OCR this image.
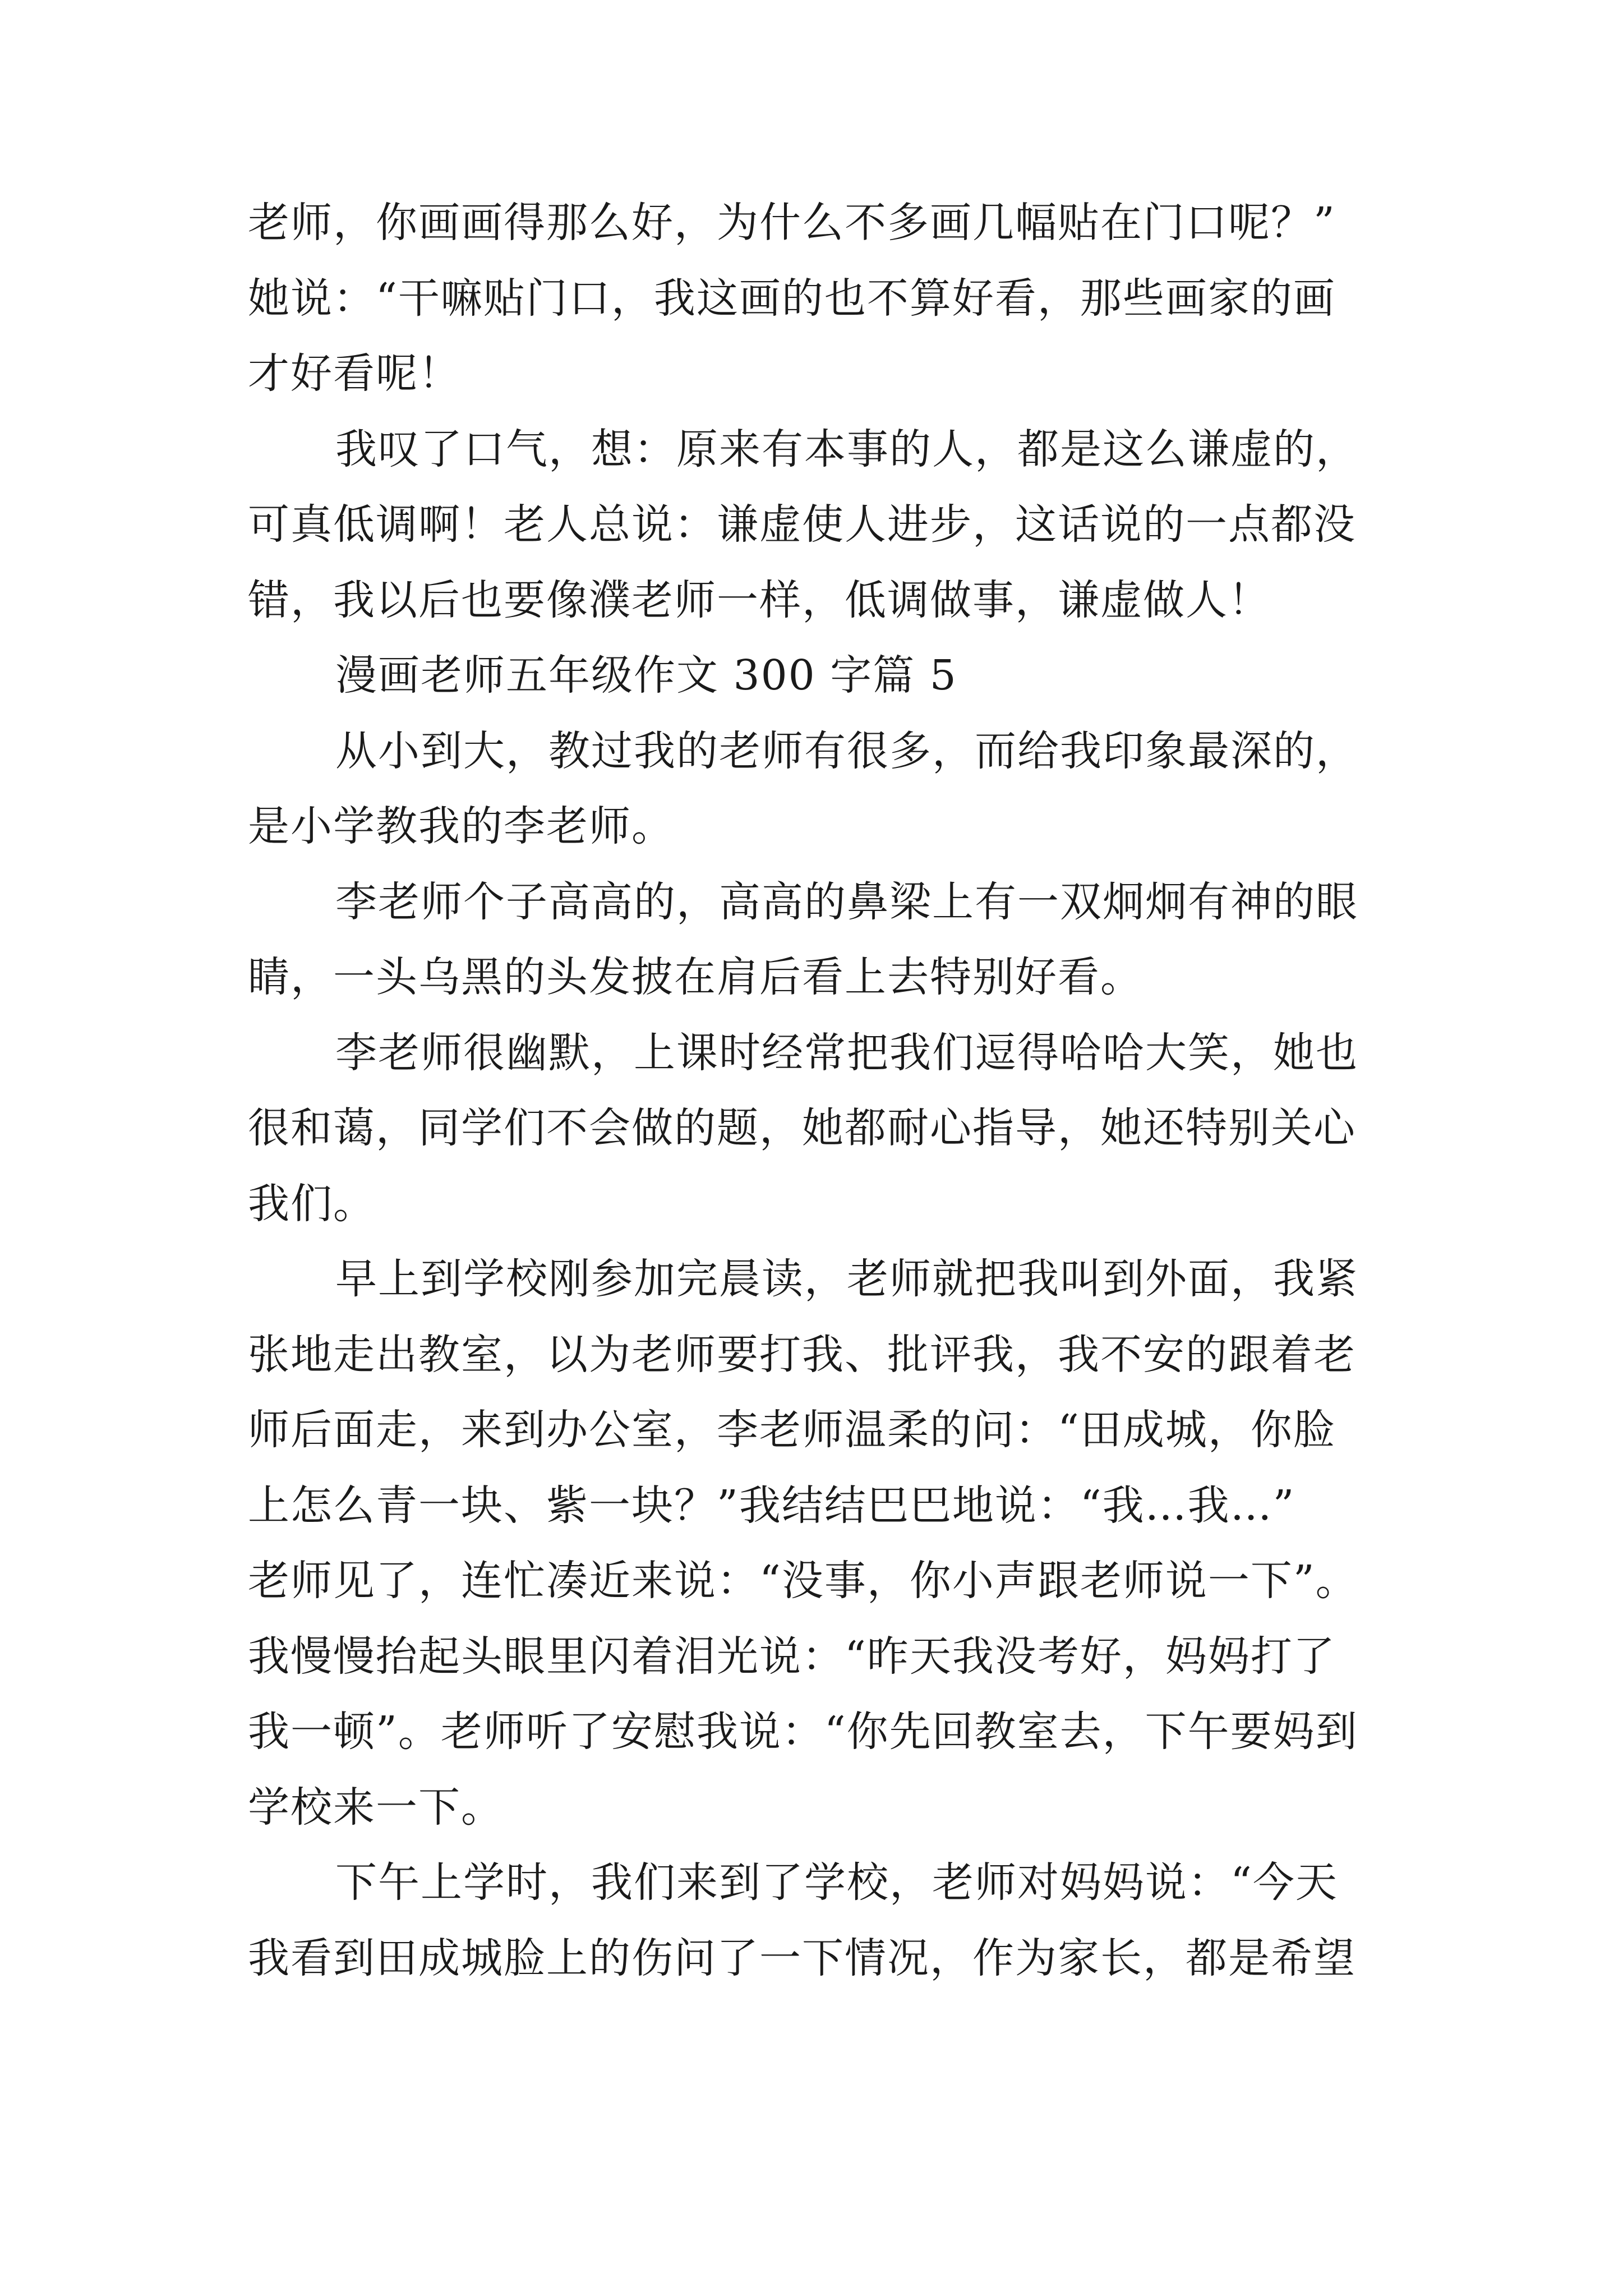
老师，你画画得那么好，为什么不多画几幅贴在门口呢？”
她说：“干嘛贴门口，我这画的也不算好看，那些画家的画
才好看呢！
我叹了口气，想：原来有本事的人，都是这么谦虚的，
可真低调啊！老人总说：谦虚使人进步，这话说的一点都没
错，我以后也要像濮老师一样，低调做事，谦虚做人！
漫画老师五年级作文 300 字篇 5
从小到大，教过我的老师有很多，而给我印象最深的，
是小学教我的李老师。
李老师个子高高的，高高的鼻梁上有一双炯炯有神的眼
睛，一头乌黑的头发披在肩后看上去特别好看。
李老师很幽默，上课时经常把我们逗得哈哈大笑，她也
很和蔼，同学们不会做的题，她都耐心指导，她还特别关心
我们。
早上到学校刚参加完晨读，老师就把我叫到外面，我紧
张地走出教室，以为老师要打我、批评我，我不安的跟着老
师后面走，来到办公室，李老师温柔的问：“田成城，你脸
上怎么青一块、紫一块？”我结结巴巴地说：“我…我…”
老师见了，连忙凑近来说：“没事，你小声跟老师说一下”。
我慢慢抬起头眼里闪着泪光说：“昨天我没考好，妈妈打了
我一顿”。老师听了安慰我说：“你先回教室去，下午要妈到
学校来一下。
下午上学时，我们来到了学校，老师对妈妈说：“今天
我看到田成城脸上的伤问了一下情况，作为家长，都是希望
